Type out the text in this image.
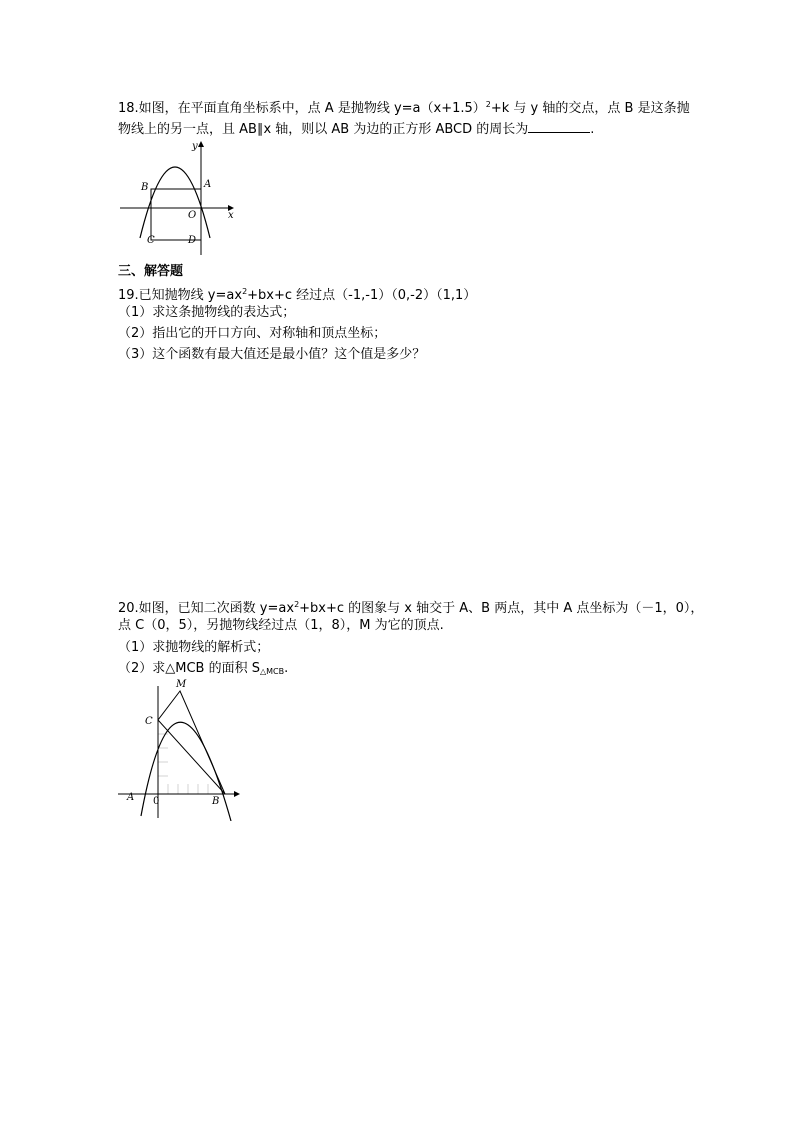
18.如图，在平面直角坐标系中，点 A 是抛物线 $y=a(x+1.5)^2+k$ 与 y 轴的交点，点 B 是这条抛
物线上的另一点，且 AB∥x 轴，则以 AB 为边的正方形 ABCD 的周长为	.
y
x
B	A
O
C	D
三、解答题
19.已知抛物线 $y=ax^2+bx+c$ 经过点（-1,-1）（0,-2）（1,1）
（1）求这条抛物线的表达式；
（2）指出它的开口方向、对称轴和顶点坐标；
（3）这个函数有最大值还是最小值？这个值是多少？
20.如图，已知二次函数 $y=ax^2+bx+c$ 的图象与 x 轴交于 A、B 两点，其中 A 点坐标为（－1，0），
点 C（0，5），另抛物线经过点（1，8），M 为它的顶点.
（1）求抛物线的解析式；
（2）求△MCB 的面积 $S_{\triangle MCB}$.
M
C
A 0	B
